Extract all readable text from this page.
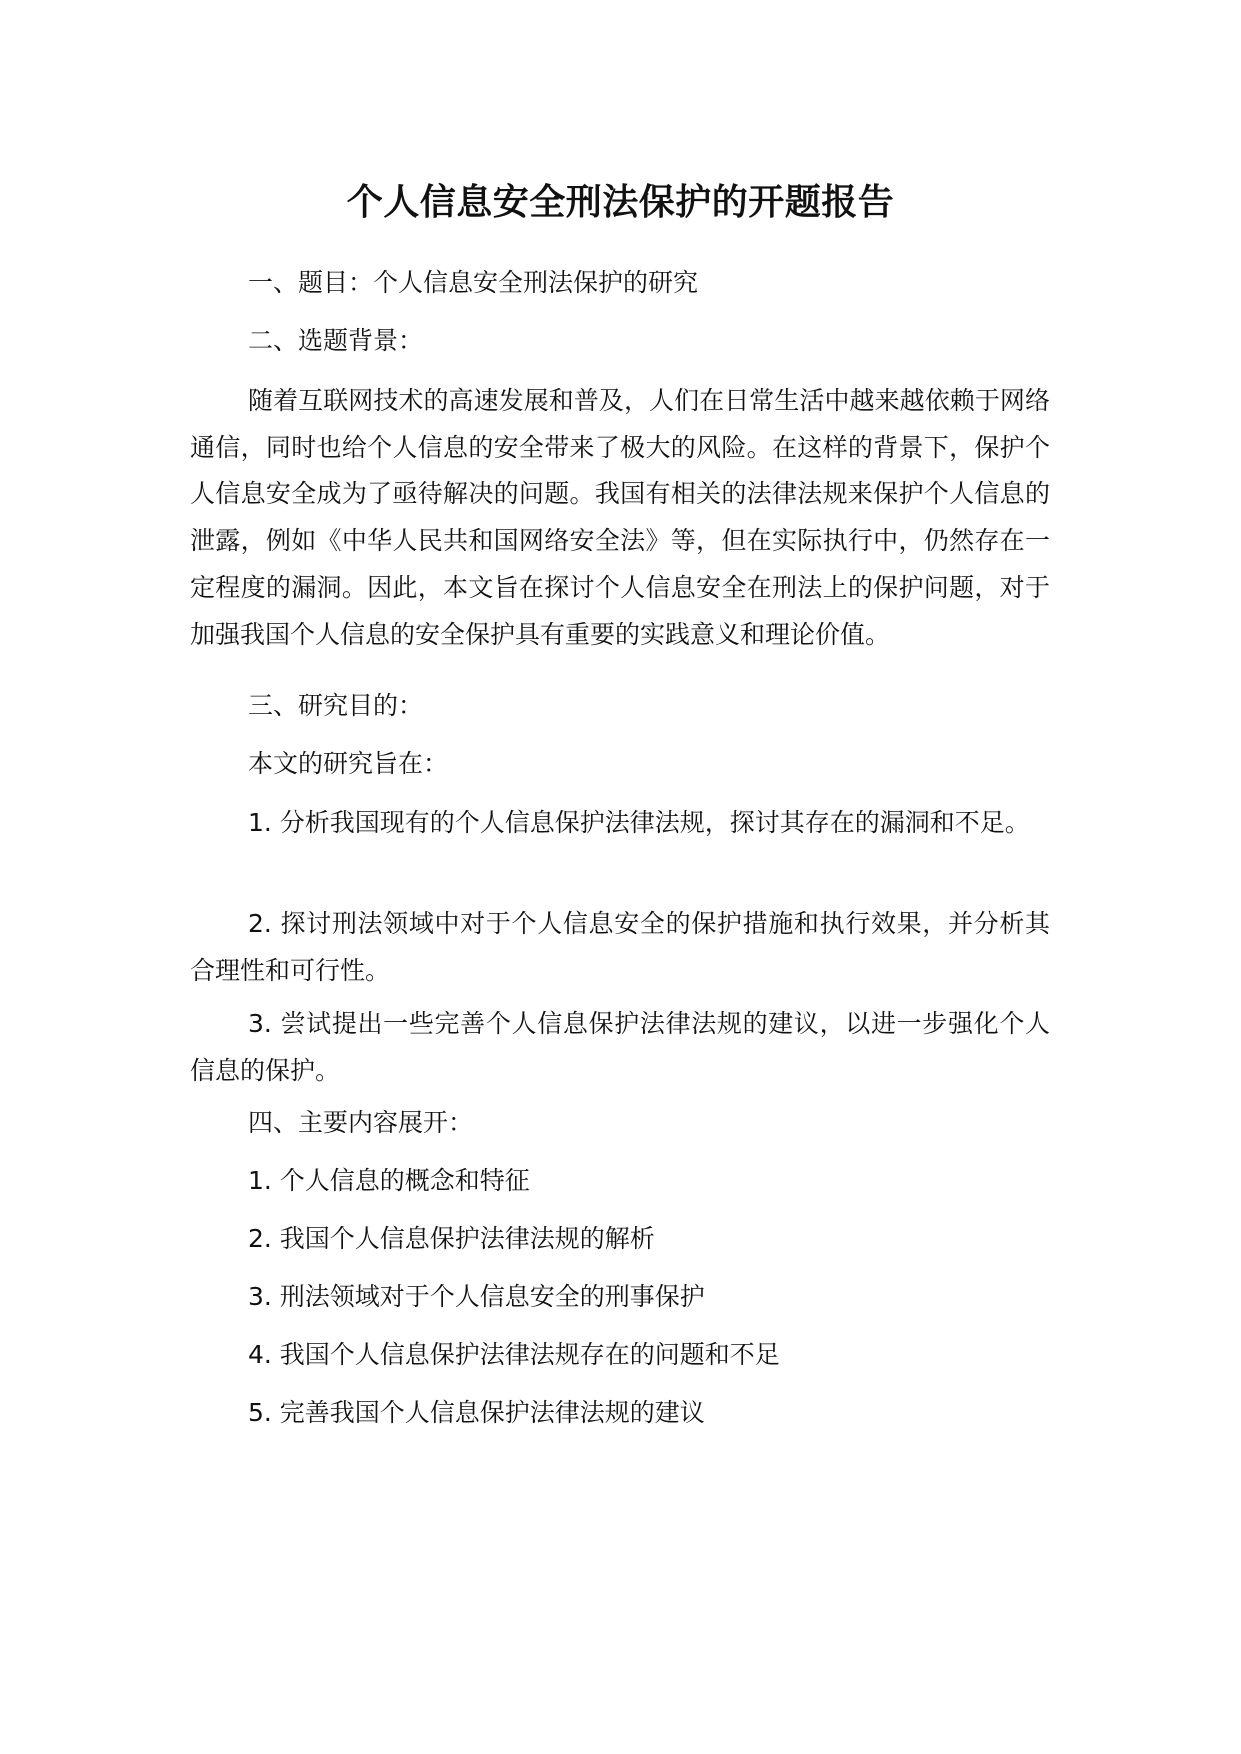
个人信息安全刑法保护的开题报告
一、题目：个人信息安全刑法保护的研究
二、选题背景：
随着互联网技术的高速发展和普及，人们在日常生活中越来越依赖于网络通信，同时也给个人信息的安全带来了极大的风险。在这样的背景下，保护个人信息安全成为了亟待解决的问题。我国有相关的法律法规来保护个人信息的泄露，例如《中华人民共和国网络安全法》等，但在实际执行中，仍然存在一定程度的漏洞。因此，本文旨在探讨个人信息安全在刑法上的保护问题，对于加强我国个人信息的安全保护具有重要的实践意义和理论价值。
三、研究目的：
本文的研究旨在：
1. 分析我国现有的个人信息保护法律法规，探讨其存在的漏洞和不足。
2. 探讨刑法领域中对于个人信息安全的保护措施和执行效果，并分析其合理性和可行性。
3. 尝试提出一些完善个人信息保护法律法规的建议，以进一步强化个人信息的保护。
四、主要内容展开：
1. 个人信息的概念和特征
2. 我国个人信息保护法律法规的解析
3. 刑法领域对于个人信息安全的刑事保护
4. 我国个人信息保护法律法规存在的问题和不足
5. 完善我国个人信息保护法律法规的建议
